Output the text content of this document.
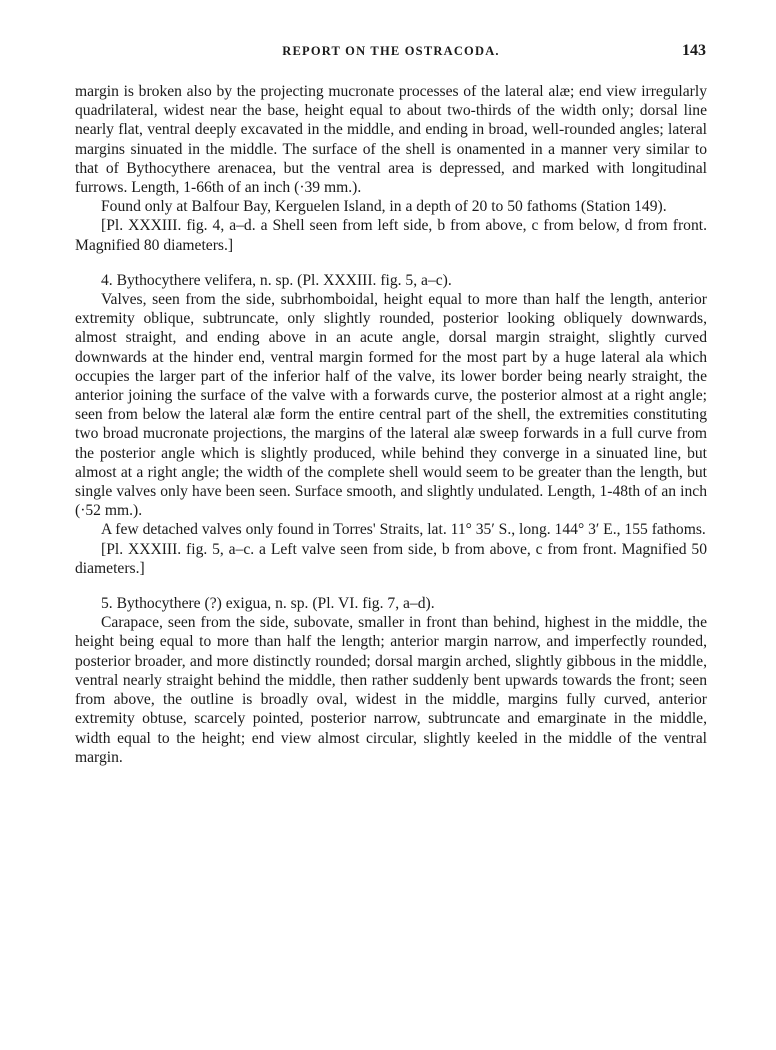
REPORT ON THE OSTRACODA.	143

margin is broken also by the projecting mucronate processes of the lateral alæ; end view irregularly quadrilateral, widest near the base, height equal to about two-thirds of the width only; dorsal line nearly flat, ventral deeply excavated in the middle, and ending in broad, well-rounded angles; lateral margins sinuated in the middle. The surface of the shell is onamented in a manner very similar to that of Bythocythere arenacea, but the ventral area is depressed, and marked with longitudinal furrows. Length, 1-66th of an inch (·39 mm.).

Found only at Balfour Bay, Kerguelen Island, in a depth of 20 to 50 fathoms (Station 149).

[Pl. XXXIII. fig. 4, a–d. a Shell seen from left side, b from above, c from below, d from front. Magnified 80 diameters.]

4. Bythocythere velifera, n. sp. (Pl. XXXIII. fig. 5, a–c).

Valves, seen from the side, subrhomboidal, height equal to more than half the length, anterior extremity oblique, subtruncate, only slightly rounded, posterior looking obliquely downwards, almost straight, and ending above in an acute angle, dorsal margin straight, slightly curved downwards at the hinder end, ventral margin formed for the most part by a huge lateral ala which occupies the larger part of the inferior half of the valve, its lower border being nearly straight, the anterior joining the surface of the valve with a forwards curve, the posterior almost at a right angle; seen from below the lateral alæ form the entire central part of the shell, the extremities constituting two broad mucronate projections, the margins of the lateral alæ sweep forwards in a full curve from the posterior angle which is slightly produced, while behind they converge in a sinuated line, but almost at a right angle; the width of the complete shell would seem to be greater than the length, but single valves only have been seen. Surface smooth, and slightly undulated. Length, 1-48th of an inch (·52 mm.).

A few detached valves only found in Torres' Straits, lat. 11° 35′ S., long. 144° 3′ E., 155 fathoms.

[Pl. XXXIII. fig. 5, a–c. a Left valve seen from side, b from above, c from front. Magnified 50 diameters.]

5. Bythocythere (?) exigua, n. sp. (Pl. VI. fig. 7, a–d).

Carapace, seen from the side, subovate, smaller in front than behind, highest in the middle, the height being equal to more than half the length; anterior margin narrow, and imperfectly rounded, posterior broader, and more distinctly rounded; dorsal margin arched, slightly gibbous in the middle, ventral nearly straight behind the middle, then rather suddenly bent upwards towards the front; seen from above, the outline is broadly oval, widest in the middle, margins fully curved, anterior extremity obtuse, scarcely pointed, posterior narrow, subtruncate and emarginate in the middle, width equal to the height; end view almost circular, slightly keeled in the middle of the ventral margin.
